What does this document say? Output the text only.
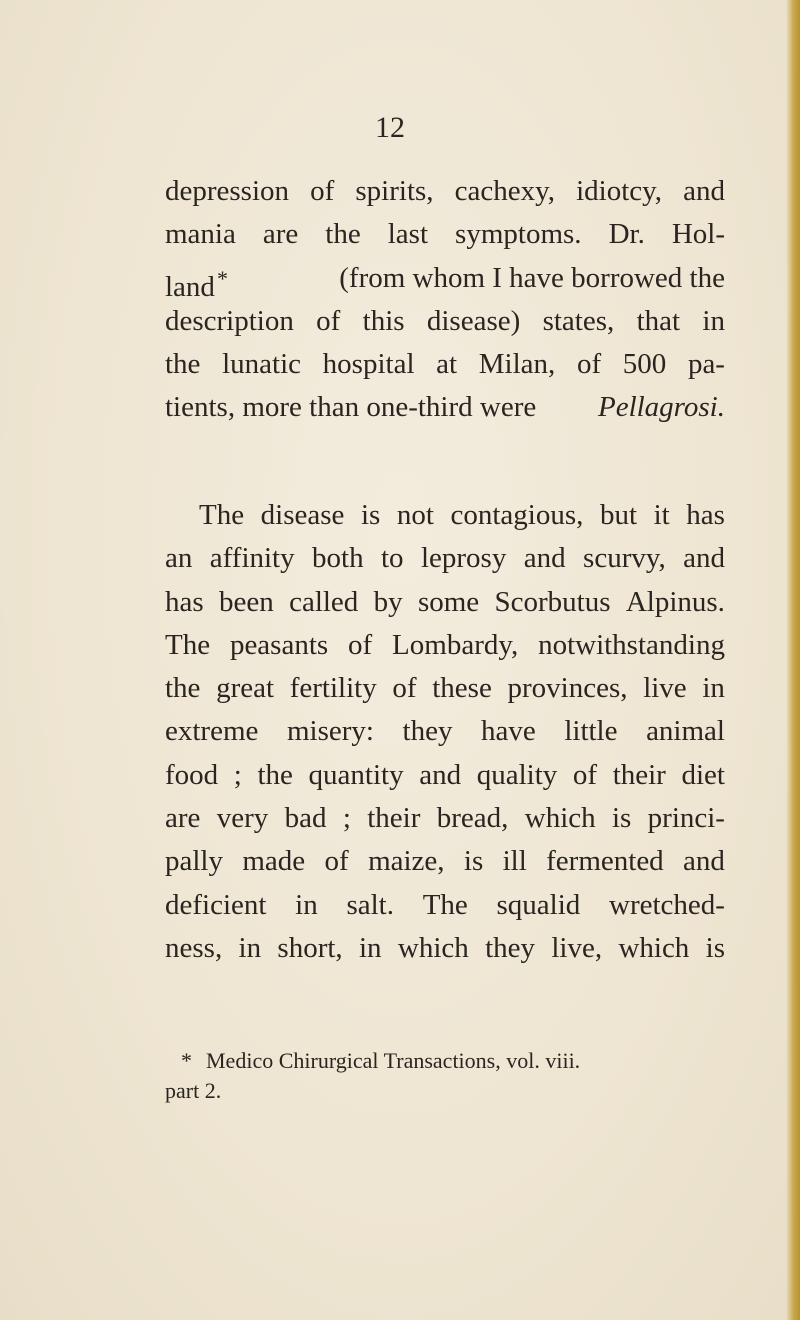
12
depression of spirits, cachexy, idiotcy, and
mania are the last symptoms. Dr. Hol-
land*	(from whom I have borrowed the
description of this disease) states, that in
the lunatic hospital at Milan, of 500 pa-
tients, more than one-third were Pellagrosi.
The disease is not contagious, but it has
an affinity both to leprosy and scurvy, and
has been called by some Scorbutus Alpinus.
The peasants of Lombardy, notwithstanding
the great fertility of these provinces, live in
extreme misery: they have little animal
food ; the quantity and quality of their diet
are very bad ; their bread, which is princi-
pally made of maize, is ill fermented and
deficient in salt. The squalid wretched-
ness, in short, in which they live, which is
* Medico Chirurgical Transactions, vol. viii.
part 2.
